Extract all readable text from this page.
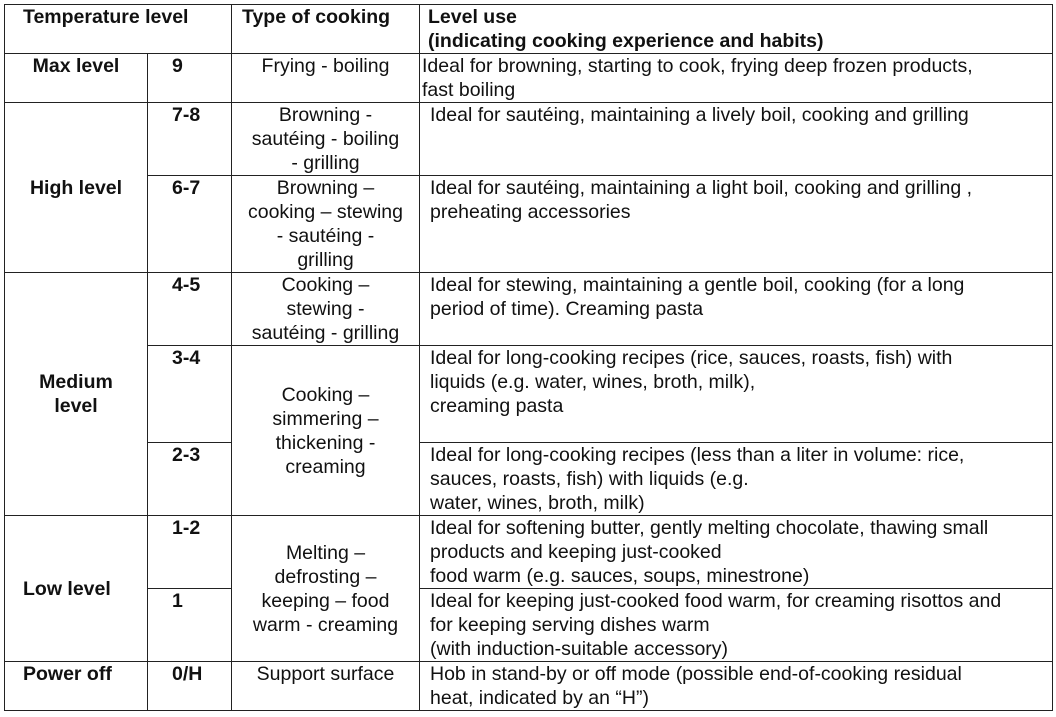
Temperature level		Type of cooking	Level use
(indicating cooking experience and habits)

Max level	9	Frying - boiling	Ideal for browning, starting to cook, frying deep frozen products,
fast boiling

High level	7-8	Browning -
sautéing - boiling
- grilling	Ideal for sautéing, maintaining a lively boil, cooking and grilling

	6-7	Browning –
cooking – stewing
- sautéing -
grilling	Ideal for sautéing, maintaining a light boil, cooking and grilling ,
preheating accessories

Medium
level	4-5	Cooking –
stewing -
sautéing - grilling	Ideal for stewing, maintaining a gentle boil, cooking (for a long
period of time). Creaming pasta

	3-4	Cooking –
simmering –
thickening -
creaming	Ideal for long-cooking recipes (rice, sauces, roasts, fish) with
liquids (e.g. water, wines, broth, milk),
creaming pasta

	2-3		Ideal for long-cooking recipes (less than a liter in volume: rice,
sauces, roasts, fish) with liquids (e.g.
water, wines, broth, milk)

Low level	1-2	Melting –
defrosting –
keeping – food
warm - creaming	Ideal for softening butter, gently melting chocolate, thawing small
products and keeping just-cooked
food warm (e.g. sauces, soups, minestrone)

	1		Ideal for keeping just-cooked food warm, for creaming risottos and
for keeping serving dishes warm
(with induction-suitable accessory)

Power off	0/H	Support surface	Hob in stand-by or off mode (possible end-of-cooking residual
heat, indicated by an “H”)
